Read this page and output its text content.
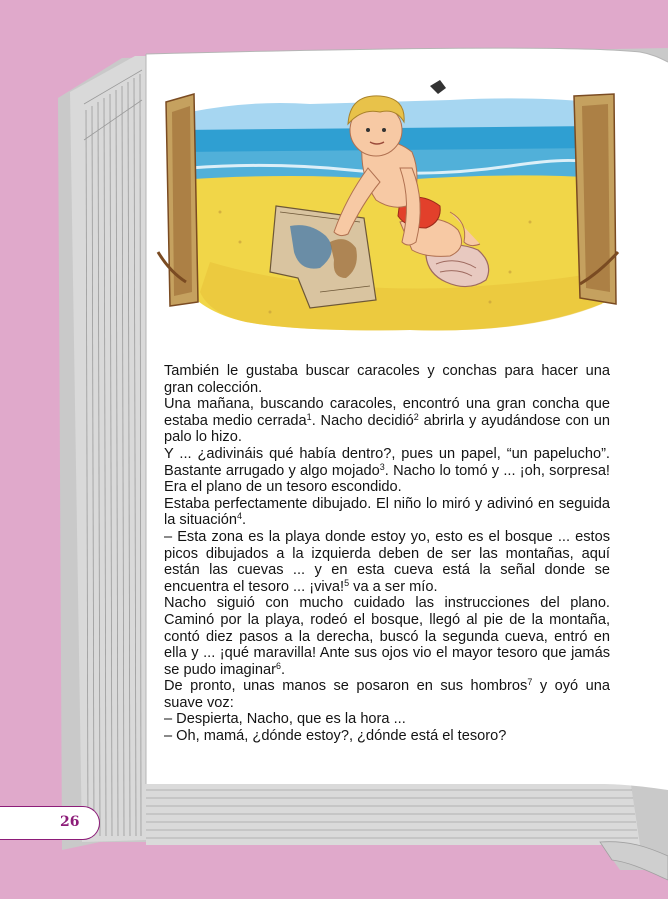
También le gustaba buscar caracoles y conchas para hacer una gran colección.

Una mañana, buscando caracoles, encontró una gran concha que estaba medio cerrada$^1$. Nacho decidió$^2$ abrirla y ayudándose con un palo lo hizo.

Y ... ¿adivináis qué había dentro?, pues un papel, “un papelucho”. Bastante arrugado y algo mojado$^3$. Nacho lo tomó y ... ¡oh, sorpresa! Era el plano de un tesoro escondido.

Estaba perfectamente dibujado. El niño lo miró y adivinó en seguida la situación$^4$.

– Esta zona es la playa donde estoy yo, esto es el bosque ... estos picos dibujados a la izquierda deben de ser las montañas, aquí están las cuevas ... y en esta cueva está la señal donde se encuentra el tesoro ... ¡viva!$^5$ va a ser mío.

Nacho siguió con mucho cuidado las instrucciones del plano. Caminó por la playa, rodeó el bosque, llegó al pie de la montaña, contó diez pasos a la derecha, buscó la segunda cueva, entró en ella y ... ¡qué maravilla! Ante sus ojos vio el mayor tesoro que jamás se pudo imaginar$^6$.

De pronto, unas manos se posaron en sus hombros$^7$ y oyó una suave voz:

– Despierta, Nacho, que es la hora ...

– Oh, mamá, ¿dónde estoy?, ¿dónde está el tesoro?

26
